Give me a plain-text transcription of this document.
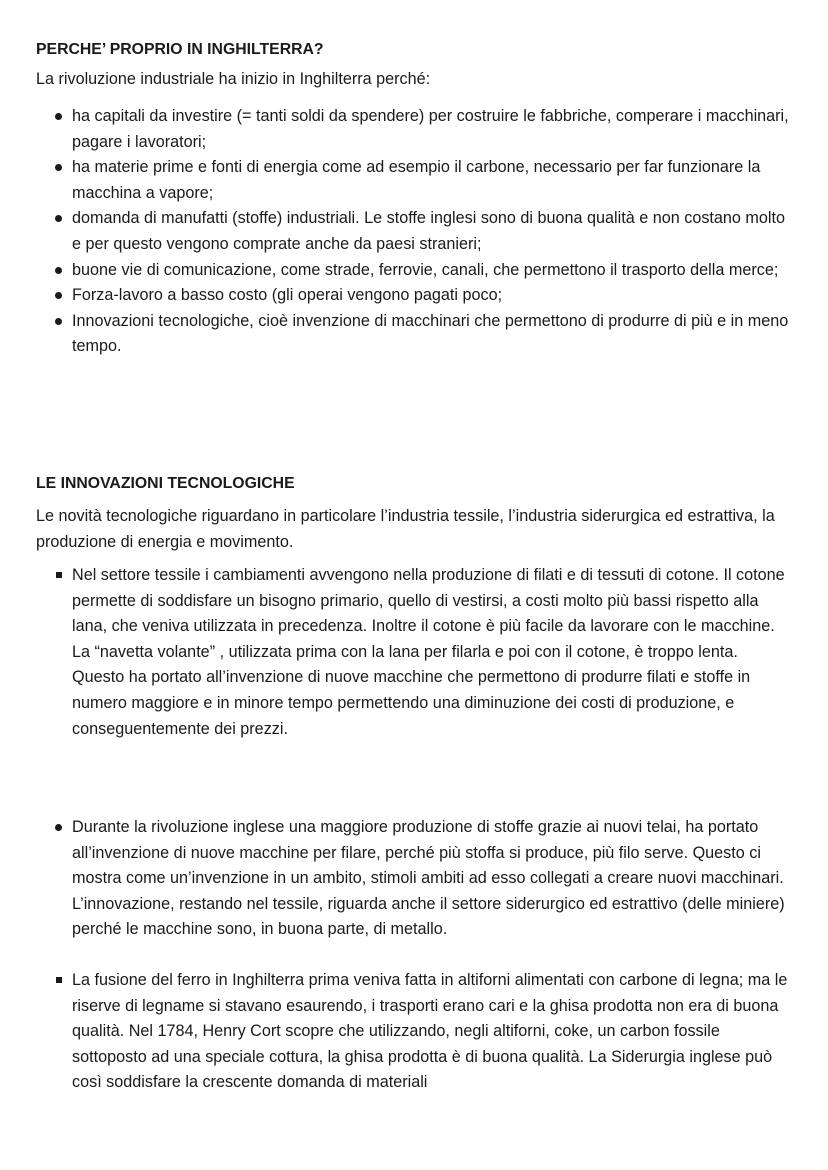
PERCHE’ PROPRIO IN INGHILTERRA?

La rivoluzione industriale ha inizio in Inghilterra perché:

ha capitali da investire (= tanti soldi da spendere) per costruire le fabbriche, comperare i macchinari, pagare i lavoratori;
ha materie prime e fonti di energia come ad esempio il carbone, necessario per far funzionare la macchina a vapore;
domanda di manufatti (stoffe) industriali. Le stoffe inglesi sono di buona qualità e non costano molto e per questo vengono comprate anche da paesi stranieri;
buone vie di comunicazione, come strade, ferrovie, canali, che permettono il trasporto della merce;
Forza-lavoro a basso costo (gli operai vengono pagati poco;
Innovazioni tecnologiche, cioè invenzione di macchinari che permettono di produrre di più e in meno tempo.
LE INNOVAZIONI TECNOLOGICHE

Le novità tecnologiche riguardano in particolare l’industria tessile, l’industria siderurgica ed estrattiva, la produzione di energia e movimento.

Nel settore tessile i cambiamenti avvengono nella produzione di filati e di tessuti di cotone. Il cotone permette di soddisfare un bisogno primario, quello di vestirsi, a costi molto più bassi rispetto alla lana, che veniva utilizzata in precedenza. Inoltre il cotone è più facile da lavorare con le macchine. La “navetta volante” , utilizzata prima con la lana per filarla e poi con il cotone, è troppo lenta. Questo ha portato all’invenzione di nuove macchine che permettono di produrre filati e stoffe in numero maggiore e in minore tempo permettendo una diminuzione dei costi di produzione, e conseguentemente dei prezzi.
Durante la rivoluzione inglese una maggiore produzione di stoffe grazie ai nuovi telai, ha portato all’invenzione di nuove macchine per filare, perché più stoffa si produce, più filo serve. Questo ci mostra come un’invenzione in un ambito, stimoli ambiti ad esso collegati a creare nuovi macchinari. L’innovazione, restando nel tessile, riguarda anche il settore siderurgico ed estrattivo (delle miniere) perché le macchine sono, in buona parte, di metallo.
La fusione del ferro in Inghilterra prima veniva fatta in altiforni alimentati con carbone di legna; ma le riserve di legname si stavano esaurendo, i trasporti erano cari e la ghisa prodotta non era di buona qualità. Nel 1784, Henry Cort scopre che utilizzando, negli altiforni, coke, un carbon fossile sottoposto ad una speciale cottura, la ghisa prodotta è di buona qualità. La Siderurgia inglese può così soddisfare la crescente domanda di materiali
